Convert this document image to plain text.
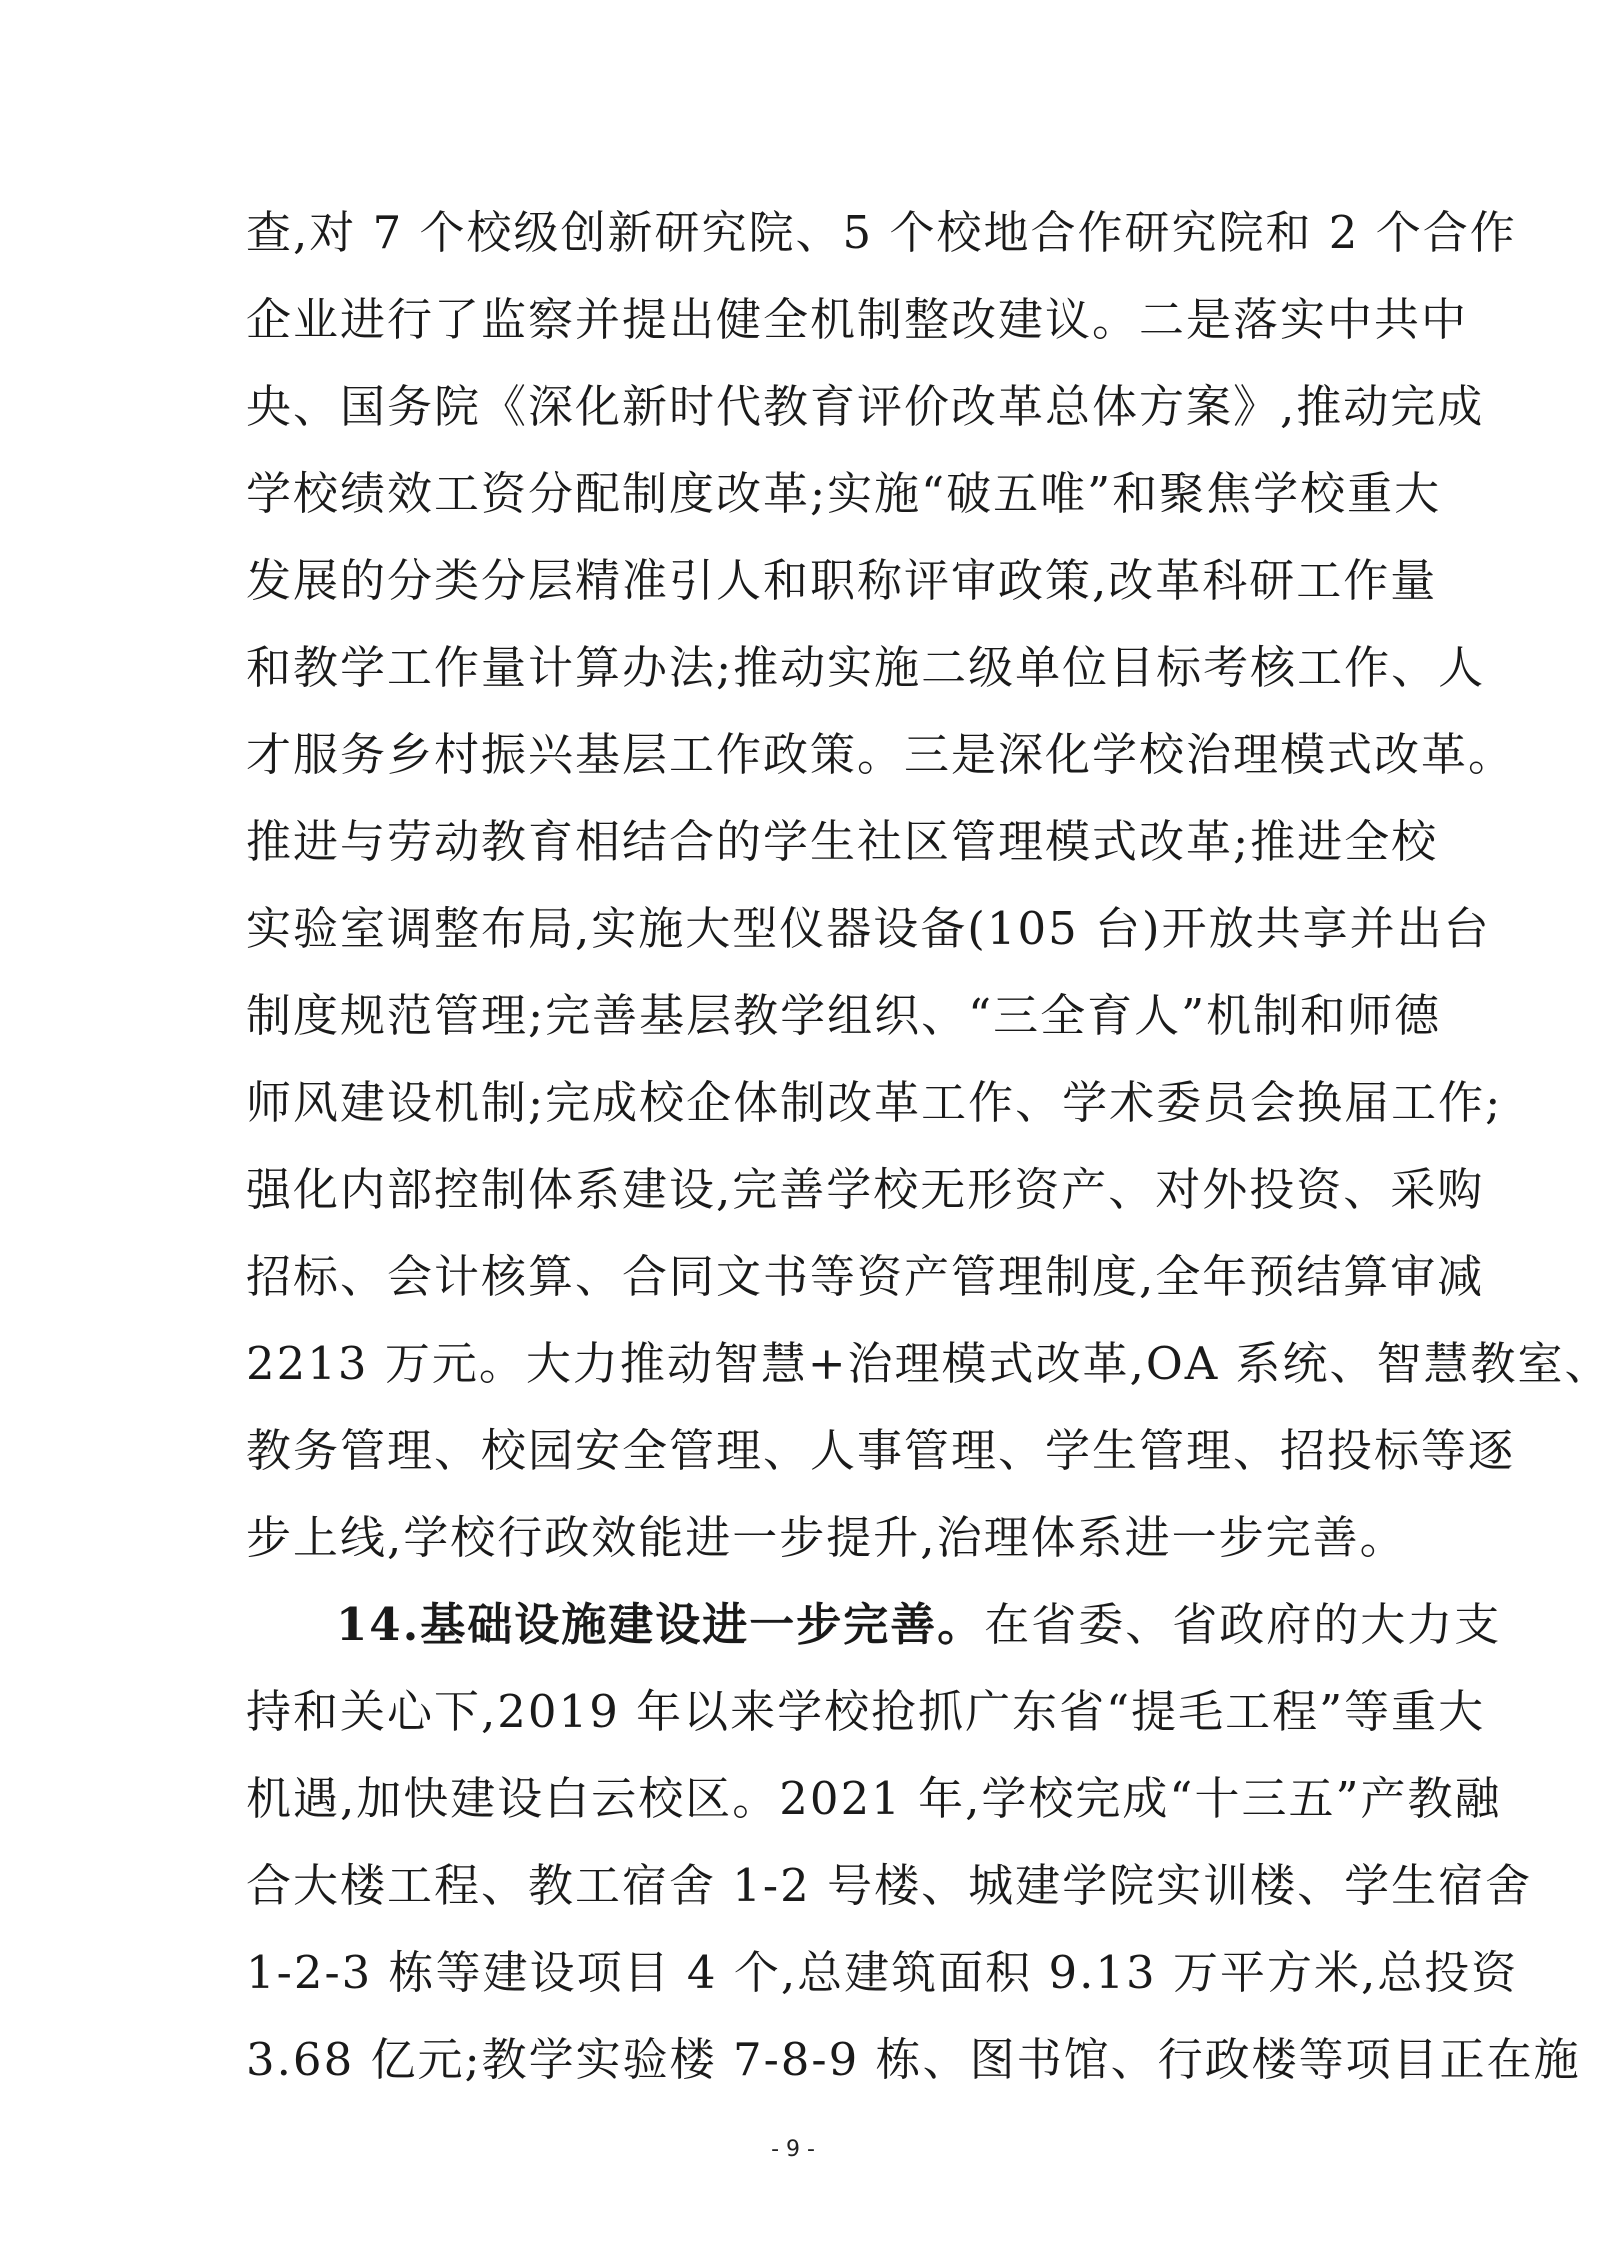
查,对 7 个校级创新研究院、5 个校地合作研究院和 2 个合作
企业进行了监察并提出健全机制整改建议。二是落实中共中
央、国务院《深化新时代教育评价改革总体方案》,推动完成
学校绩效工资分配制度改革;实施“破五唯”和聚焦学校重大
发展的分类分层精准引人和职称评审政策,改革科研工作量
和教学工作量计算办法;推动实施二级单位目标考核工作、人
才服务乡村振兴基层工作政策。三是深化学校治理模式改革。
推进与劳动教育相结合的学生社区管理模式改革;推进全校
实验室调整布局,实施大型仪器设备(105 台)开放共享并出台
制度规范管理;完善基层教学组织、“三全育人”机制和师德
师风建设机制;完成校企体制改革工作、学术委员会换届工作;
强化内部控制体系建设,完善学校无形资产、对外投资、采购
招标、会计核算、合同文书等资产管理制度,全年预结算审减
2213 万元。大力推动智慧+治理模式改革,OA 系统、智慧教室、
教务管理、校园安全管理、人事管理、学生管理、招投标等逐
步上线,学校行政效能进一步提升,治理体系进一步完善。
14.基础设施建设进一步完善。在省委、省政府的大力支
持和关心下,2019 年以来学校抢抓广东省“提毛工程”等重大
机遇,加快建设白云校区。2021 年,学校完成“十三五”产教融
合大楼工程、教工宿舍 1-2 号楼、城建学院实训楼、学生宿舍
1-2-3 栋等建设项目 4 个,总建筑面积 9.13 万平方米,总投资
3.68 亿元;教学实验楼 7-8-9 栋、图书馆、行政楼等项目正在施
- 9 -
